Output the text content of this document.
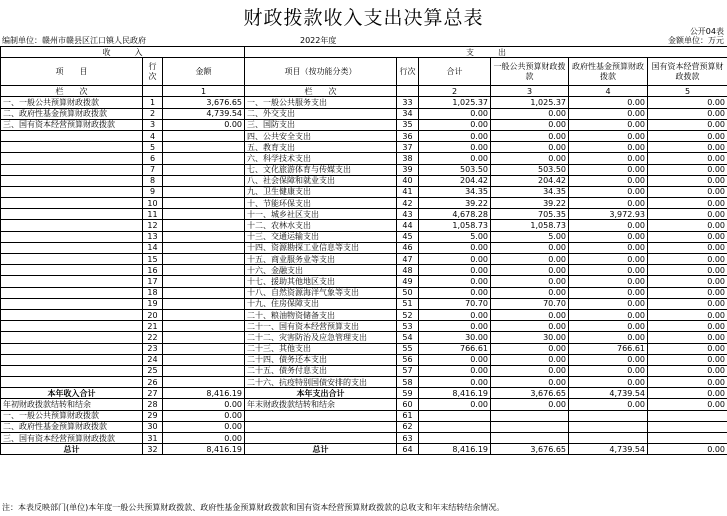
财政拨款收入支出决算总表
公开04表
编制单位：赣州市赣县区江口镇人民政府	2022年度	金额单位：万元
收　　　入			支　　　出					
项　　目	行次	金额	项目（按功能分类）	行次	合计	一般公共预算财政拨款	政府性基金预算财政拨款	国有资本经营预算财政拨款
栏　　次		1	栏　　次		2	3	4	5
一、一般公共预算财政拨款	1	3,676.65	一、一般公共服务支出	33	1,025.37	1,025.37	0.00	0.00
二、政府性基金预算财政拨款	2	4,739.54	二、外交支出	34	0.00	0.00	0.00	0.00
三、国有资本经营预算财政拨款	3	0.00	三、国防支出	35	0.00	0.00	0.00	0.00
	4		四、公共安全支出	36	0.00	0.00	0.00	0.00
	5		五、教育支出	37	0.00	0.00	0.00	0.00
	6		六、科学技术支出	38	0.00	0.00	0.00	0.00
	7		七、文化旅游体育与传媒支出	39	503.50	503.50	0.00	0.00
	8		八、社会保障和就业支出	40	204.42	204.42	0.00	0.00
	9		九、卫生健康支出	41	34.35	34.35	0.00	0.00
	10		十、节能环保支出	42	39.22	39.22	0.00	0.00
	11		十一、城乡社区支出	43	4,678.28	705.35	3,972.93	0.00
	12		十二、农林水支出	44	1,058.73	1,058.73	0.00	0.00
	13		十三、交通运输支出	45	5.00	5.00	0.00	0.00
	14		十四、资源勘探工业信息等支出	46	0.00	0.00	0.00	0.00
	15		十五、商业服务业等支出	47	0.00	0.00	0.00	0.00
	16		十六、金融支出	48	0.00	0.00	0.00	0.00
	17		十七、援助其他地区支出	49	0.00	0.00	0.00	0.00
	18		十八、自然资源海洋气象等支出	50	0.00	0.00	0.00	0.00
	19		十九、住房保障支出	51	70.70	70.70	0.00	0.00
	20		二十、粮油物资储备支出	52	0.00	0.00	0.00	0.00
	21		二十一、国有资本经营预算支出	53	0.00	0.00	0.00	0.00
	22		二十二、灾害防治及应急管理支出	54	30.00	30.00	0.00	0.00
	23		二十三、其他支出	55	766.61	0.00	766.61	0.00
	24		二十四、债务还本支出	56	0.00	0.00	0.00	0.00
	25		二十五、债务付息支出	57	0.00	0.00	0.00	0.00
	26		二十六、抗疫特别国债安排的支出	58	0.00	0.00	0.00	0.00
本年收入合计	27	8,416.19	本年支出合计	59	8,416.19	3,676.65	4,739.54	0.00
年初财政拨款结转和结余	28	0.00	年末财政拨款结转和结余	60	0.00	0.00	0.00	0.00
一、一般公共预算财政拨款	29	0.00		61				
二、政府性基金预算财政拨款	30	0.00		62				
三、国有资本经营预算财政拨款	31	0.00		63				
总计	32	8,416.19	总计	64	8,416.19	3,676.65	4,739.54	0.00
注：本表反映部门(单位)本年度一般公共预算财政拨款、政府性基金预算财政拨款和国有资本经营预算财政拨款的总收支和年末结转结余情况。
